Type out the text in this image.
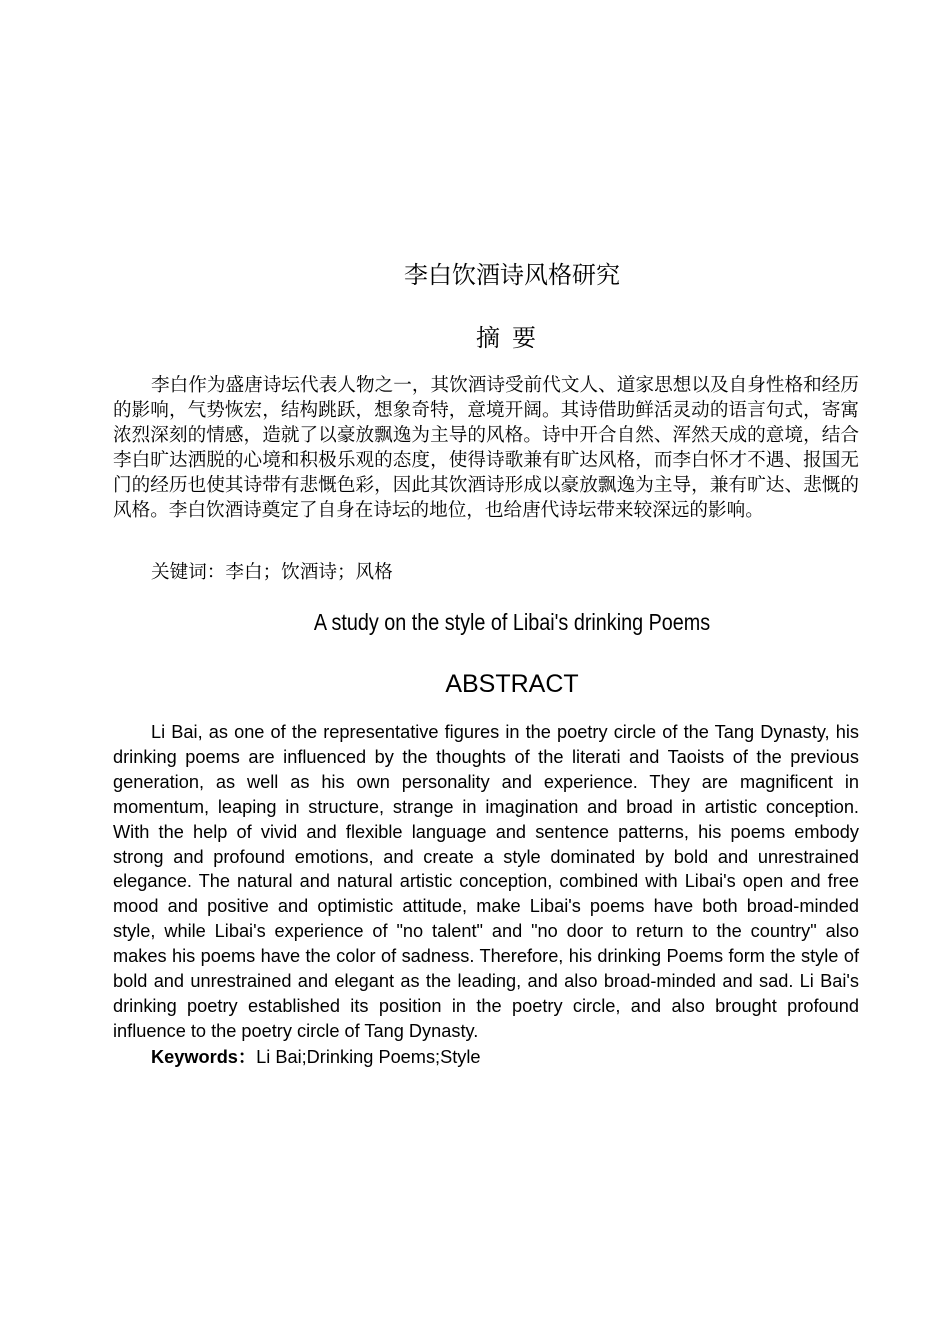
李白饮酒诗风格研究
摘要

李白作为盛唐诗坛代表人物之一，其饮酒诗受前代文人、道家思想以及自身性格和经历的影响，气势恢宏，结构跳跃，想象奇特，意境开阔。其诗借助鲜活灵动的语言句式，寄寓浓烈深刻的情感，造就了以豪放飘逸为主导的风格。诗中开合自然、浑然天成的意境，结合李白旷达洒脱的心境和积极乐观的态度，使得诗歌兼有旷达风格，而李白怀才不遇、报国无门的经历也使其诗带有悲慨色彩，因此其饮酒诗形成以豪放飘逸为主导，兼有旷达、悲慨的风格。李白饮酒诗奠定了自身在诗坛的地位，也给唐代诗坛带来较深远的影响。

关键词：李白；饮酒诗；风格
A study on the style of Libai's drinking Poems
ABSTRACT

Li Bai, as one of the representative figures in the poetry circle of the Tang Dynasty, his drinking poems are influenced by the thoughts of the literati and Taoists of the previous generation, as well as his own personality and experience. They are magnificent in momentum, leaping in structure, strange in imagination and broad in artistic conception. With the help of vivid and flexible language and sentence patterns, his poems embody strong and profound emotions, and create a style dominated by bold and unrestrained elegance. The natural and natural artistic conception, combined with Libai's open and free mood and positive and optimistic attitude, make Libai's poems have both broad-minded style, while Libai's experience of "no talent" and "no door to return to the country" also makes his poems have the color of sadness. Therefore, his drinking Poems form the style of bold and unrestrained and elegant as the leading, and also broad-minded and sad. Li Bai's drinking poetry established its position in the poetry circle, and also brought profound influence to the poetry circle of Tang Dynasty.

Keywords：Li Bai;Drinking Poems;Style
